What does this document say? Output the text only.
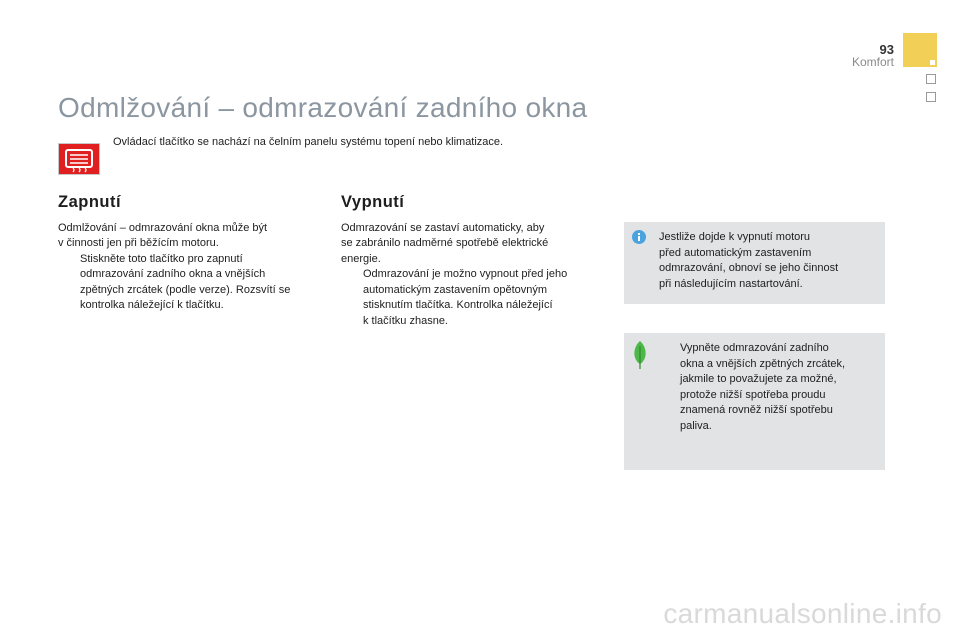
93
Komfort
Odmlžování – odmrazování zadního okna
Ovládací tlačítko se nachází na čelním panelu systému topení nebo klimatizace.
Zapnutí

Odmlžování – odmrazování okna může být

v činnosti jen při běžícím motoru.

Stiskněte toto tlačítko pro zapnutí

odmrazování zadního okna a vnějších

zpětných zrcátek (podle verze). Rozsvítí se

kontrolka náležející k tlačítku.

Vypnutí

Odmrazování se zastaví automaticky, aby

se zabránilo nadměrné spotřebě elektrické

energie.

Odmrazování je možno vypnout před jeho

automatickým zastavením opětovným

stisknutím tlačítka. Kontrolka náležející

k tlačítku zhasne.

Jestliže dojde k vypnutí motoru
před automatickým zastavením
odmrazování, obnoví se jeho činnost
při následujícím nastartování.
Vypněte odmrazování zadního
okna a vnějších zpětných zrcátek,
jakmile to považujete za možné,
protože nižší spotřeba proudu
znamená rovněž nižší spotřebu
paliva.
carmanualsonline.info
